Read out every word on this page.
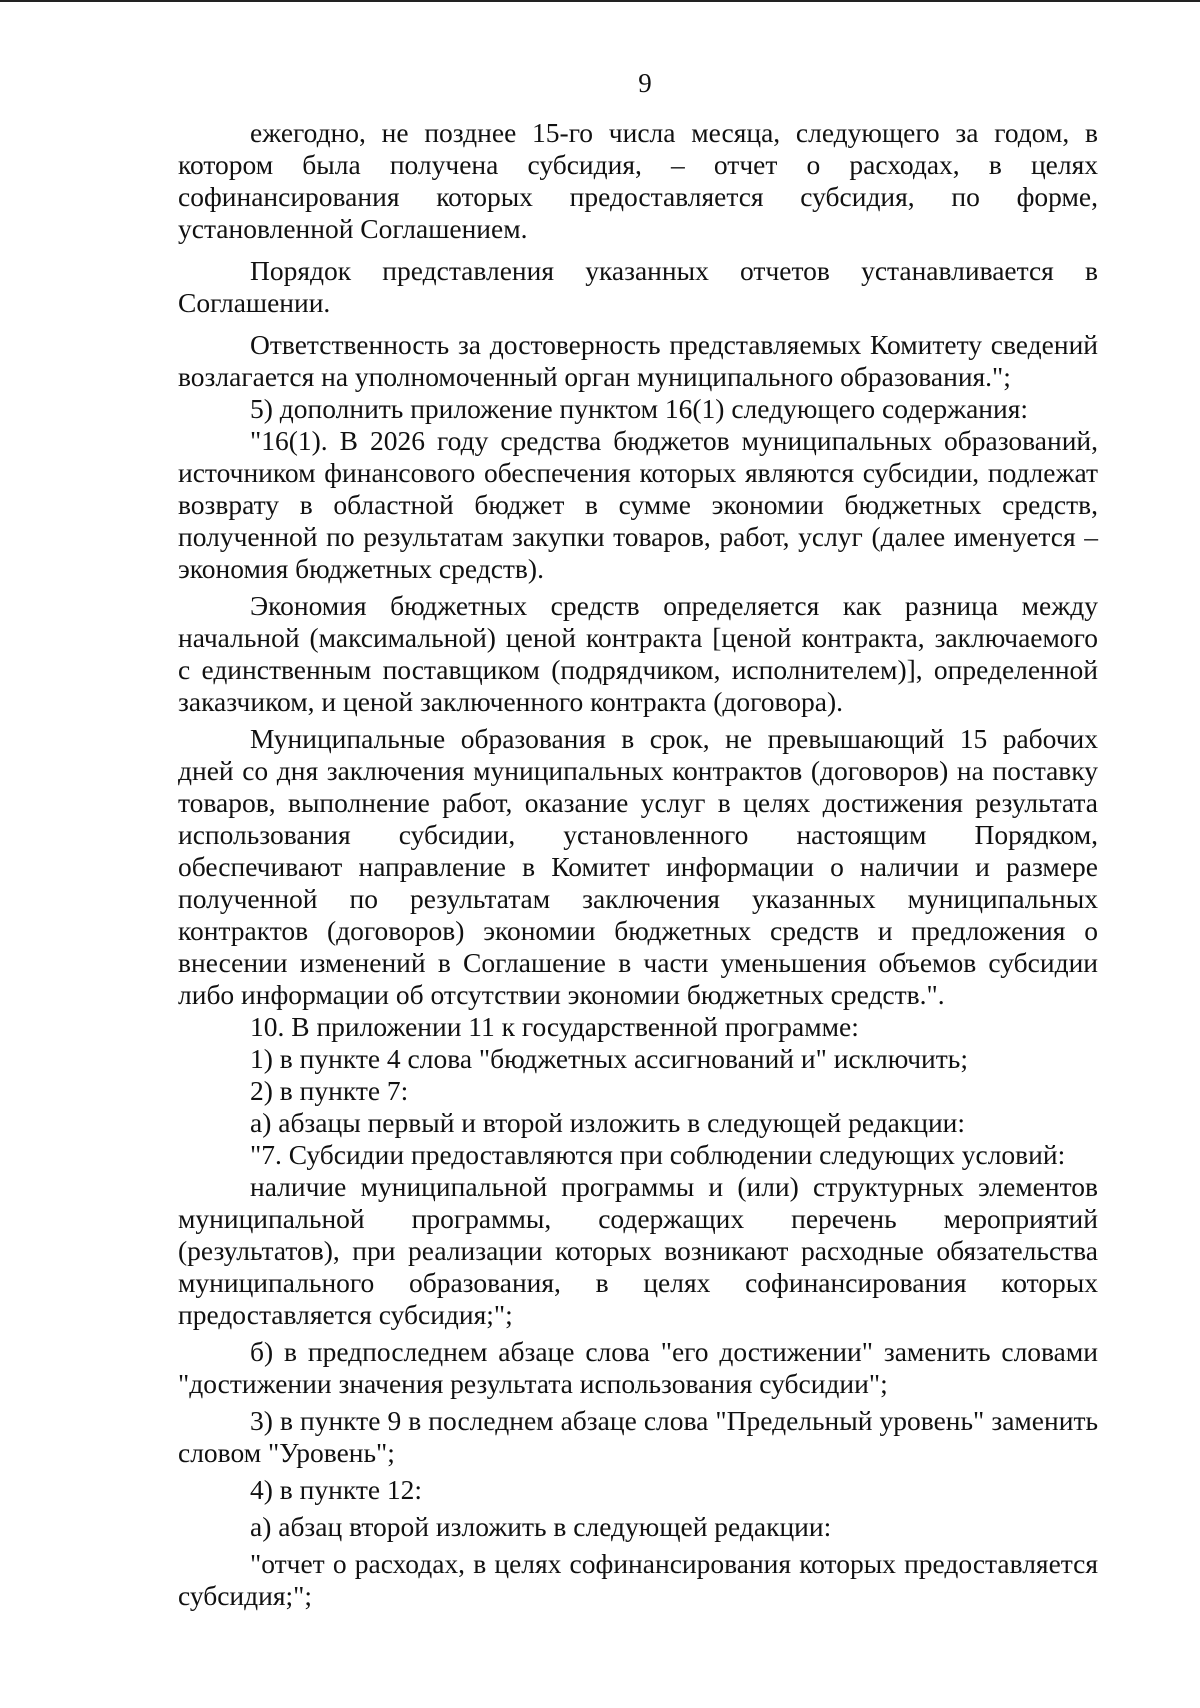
9

ежегодно, не позднее 15-го числа месяца, следующего за годом, в котором была получена субсидия, – отчет о расходах, в целях софинансирования которых предоставляется субсидия, по форме, установленной Соглашением.

Порядок представления указанных отчетов устанавливается в Соглашении.

Ответственность за достоверность представляемых Комитету сведений возлагается на уполномоченный орган муниципального образования.";

5) дополнить приложение пунктом 16(1) следующего содержания:

"16(1). В 2026 году средства бюджетов муниципальных образований, источником финансового обеспечения которых являются субсидии, подлежат возврату в областной бюджет в сумме экономии бюджетных средств, полученной по результатам закупки товаров, работ, услуг (далее именуется – экономия бюджетных средств).

Экономия бюджетных средств определяется как разница между начальной (максимальной) ценой контракта [ценой контракта, заключаемого с единственным поставщиком (подрядчиком, исполнителем)], определенной заказчиком, и ценой заключенного контракта (договора).

Муниципальные образования в срок, не превышающий 15 рабочих дней со дня заключения муниципальных контрактов (договоров) на поставку товаров, выполнение работ, оказание услуг в целях достижения результата использования субсидии, установленного настоящим Порядком, обеспечивают направление в Комитет информации о наличии и размере полученной по результатам заключения указанных муниципальных контрактов (договоров) экономии бюджетных средств и предложения о внесении изменений в Соглашение в части уменьшения объемов субсидии либо информации об отсутствии экономии бюджетных средств.".

10. В приложении 11 к государственной программе:

1) в пункте 4 слова "бюджетных ассигнований и" исключить;

2) в пункте 7:

а) абзацы первый и второй изложить в следующей редакции:

"7. Субсидии предоставляются при соблюдении следующих условий:

наличие муниципальной программы и (или) структурных элементов муниципальной программы, содержащих перечень мероприятий (результатов), при реализации которых возникают расходные обязательства муниципального образования, в целях софинансирования которых предоставляется субсидия;";

б) в предпоследнем абзаце слова "его достижении" заменить словами "достижении значения результата использования субсидии";

3) в пункте 9 в последнем абзаце слова "Предельный уровень" заменить словом "Уровень";

4) в пункте 12:

а) абзац второй изложить в следующей редакции:

"отчет о расходах, в целях софинансирования которых предоставляется субсидия;";
